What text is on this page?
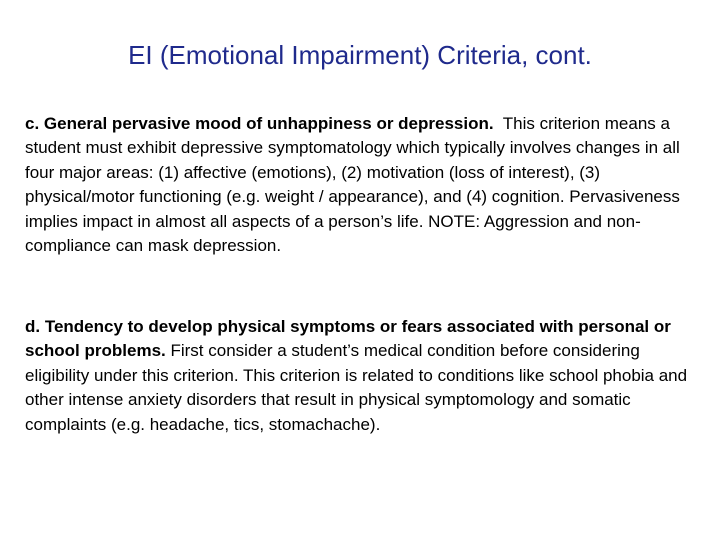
EI (Emotional Impairment) Criteria, cont.

c. General pervasive mood of unhappiness or depression. This criterion means a student must exhibit depressive symptomatology which typically involves changes in all four major areas: (1) affective (emotions), (2) motivation (loss of interest), (3) physical/motor functioning (e.g. weight / appearance), and (4) cognition. Pervasiveness implies impact in almost all aspects of a person’s life. NOTE: Aggression and non-compliance can mask depression.

d. Tendency to develop physical symptoms or fears associated with personal or school problems. First consider a student’s medical condition before considering eligibility under this criterion. This criterion is related to conditions like school phobia and other intense anxiety disorders that result in physical symptomology and somatic complaints (e.g. headache, tics, stomachache).
